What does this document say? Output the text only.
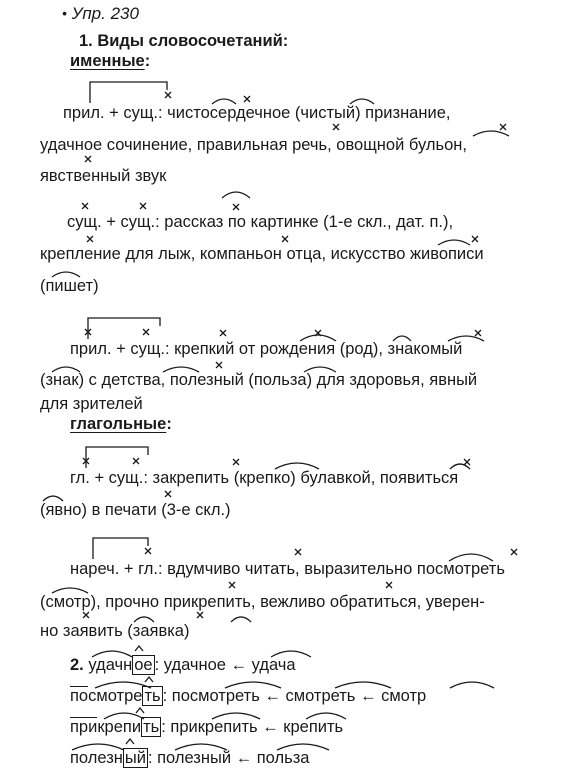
• Упр. 230
1. Виды словосочетаний:
именные:
прил. + сущ.: чистосердечное (чистый) признание,
удачное сочинение, правильная речь, овощной бульон,
явственный звук
сущ. + сущ.: рассказ по картинке (1-е скл., дат. п.),
крепление для лыж, компаньон отца, искусство живописи
(пишет)
прил. + сущ.: крепкий от рождения (род), знакомый
(знак) с детства, полезный (польза) для здоровья, явный
для зрителей
глагольные:
гл. + сущ.: закрепить (крепко) булавкой, появиться
(явно) в печати (3-е скл.)
нареч. + гл.: вдумчиво читать, выразительно посмотреть
(смотр), прочно прикрепить, вежливо обратиться, уверен-
но заявить (заявка)
2. удачн ое : удачное ← удача
посмотре ть : посмотреть ← смотреть ← смотр
прикрепи ть : прикрепить ← крепить
полезн ый : полезный ← польза
